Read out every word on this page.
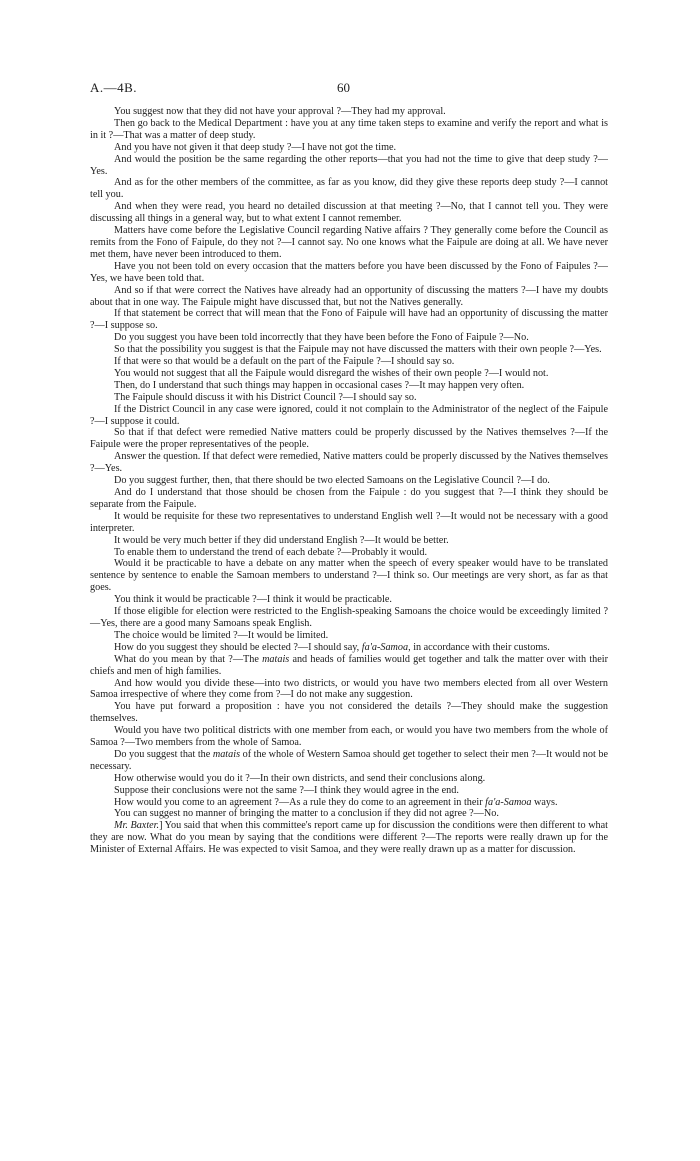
A.—4B.	60

You suggest now that they did not have your approval ?—They had my approval.

Then go back to the Medical Department : have you at any time taken steps to examine and verify the report and what is in it ?—That was a matter of deep study.

And you have not given it that deep study ?—I have not got the time.

And would the position be the same regarding the other reports—that you had not the time to give that deep study ?—Yes.

And as for the other members of the committee, as far as you know, did they give these reports deep study ?—I cannot tell you.

And when they were read, you heard no detailed discussion at that meeting ?—No, that I cannot tell you. They were discussing all things in a general way, but to what extent I cannot remember.

Matters have come before the Legislative Council regarding Native affairs ? They generally come before the Council as remits from the Fono of Faipule, do they not ?—I cannot say. No one knows what the Faipule are doing at all. We have never met them, have never been introduced to them.

Have you not been told on every occasion that the matters before you have been discussed by the Fono of Faipules ?—Yes, we have been told that.

And so if that were correct the Natives have already had an opportunity of discussing the matters ?—I have my doubts about that in one way. The Faipule might have discussed that, but not the Natives generally.

If that statement be correct that will mean that the Fono of Faipule will have had an opportunity of discussing the matter ?—I suppose so.

Do you suggest you have been told incorrectly that they have been before the Fono of Faipule ?—No.

So that the possibility you suggest is that the Faipule may not have discussed the matters with their own people ?—Yes.

If that were so that would be a default on the part of the Faipule ?—I should say so.

You would not suggest that all the Faipule would disregard the wishes of their own people ?—I would not.

Then, do I understand that such things may happen in occasional cases ?—It may happen very often.

The Faipule should discuss it with his District Council ?—I should say so.

If the District Council in any case were ignored, could it not complain to the Administrator of the neglect of the Faipule ?—I suppose it could.

So that if that defect were remedied Native matters could be properly discussed by the Natives themselves ?—If the Faipule were the proper representatives of the people.

Answer the question. If that defect were remedied, Native matters could be properly discussed by the Natives themselves ?—Yes.

Do you suggest further, then, that there should be two elected Samoans on the Legislative Council ?—I do.

And do I understand that those should be chosen from the Faipule : do you suggest that ?—I think they should be separate from the Faipule.

It would be requisite for these two representatives to understand English well ?—It would not be necessary with a good interpreter.

It would be very much better if they did understand English ?—It would be better.

To enable them to understand the trend of each debate ?—Probably it would.

Would it be practicable to have a debate on any matter when the speech of every speaker would have to be translated sentence by sentence to enable the Samoan members to understand ?—I think so. Our meetings are very short, as far as that goes.

You think it would be practicable ?—I think it would be practicable.

If those eligible for election were restricted to the English-speaking Samoans the choice would be exceedingly limited ?—Yes, there are a good many Samoans speak English.

The choice would be limited ?—It would be limited.

How do you suggest they should be elected ?—I should say, fa'a-Samoa, in accordance with their customs.

What do you mean by that ?—The matais and heads of families would get together and talk the matter over with their chiefs and men of high families.

And how would you divide these—into two districts, or would you have two members elected from all over Western Samoa irrespective of where they come from ?—I do not make any suggestion.

You have put forward a proposition : have you not considered the details ?—They should make the suggestion themselves.

Would you have two political districts with one member from each, or would you have two members from the whole of Samoa ?—Two members from the whole of Samoa.

Do you suggest that the matais of the whole of Western Samoa should get together to select their men ?—It would not be necessary.

How otherwise would you do it ?—In their own districts, and send their conclusions along.

Suppose their conclusions were not the same ?—I think they would agree in the end.

How would you come to an agreement ?—As a rule they do come to an agreement in their fa'a-Samoa ways.

You can suggest no manner of bringing the matter to a conclusion if they did not agree ?—No.

Mr. Baxter.] You said that when this committee's report came up for discussion the conditions were then different to what they are now. What do you mean by saying that the conditions were different ?—The reports were really drawn up for the Minister of External Affairs. He was expected to visit Samoa, and they were really drawn up as a matter for discussion.
